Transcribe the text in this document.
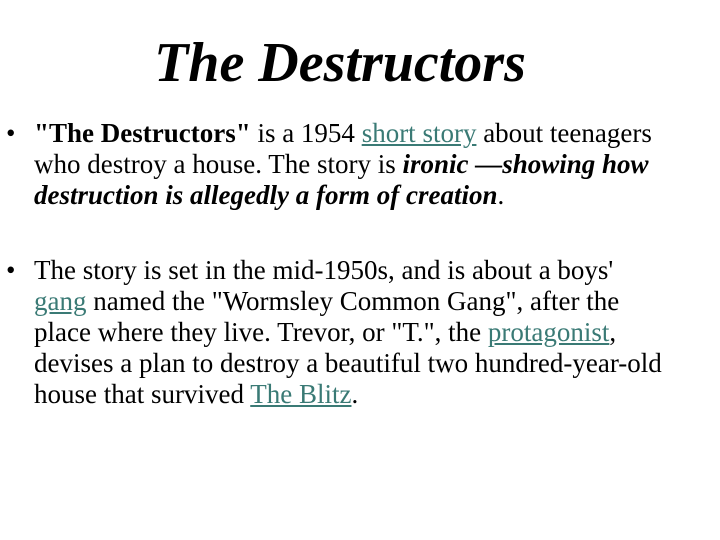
The Destructors
• "The Destructors" is a 1954 short story about teenagers who destroy a house. The story is ironic —showing how destruction is allegedly a form of creation.
• The story is set in the mid-1950s, and is about a boys' gang named the "Wormsley Common Gang", after the place where they live. Trevor, or "T.", the protagonist, devises a plan to destroy a beautiful two hundred-year-old house that survived The Blitz.
